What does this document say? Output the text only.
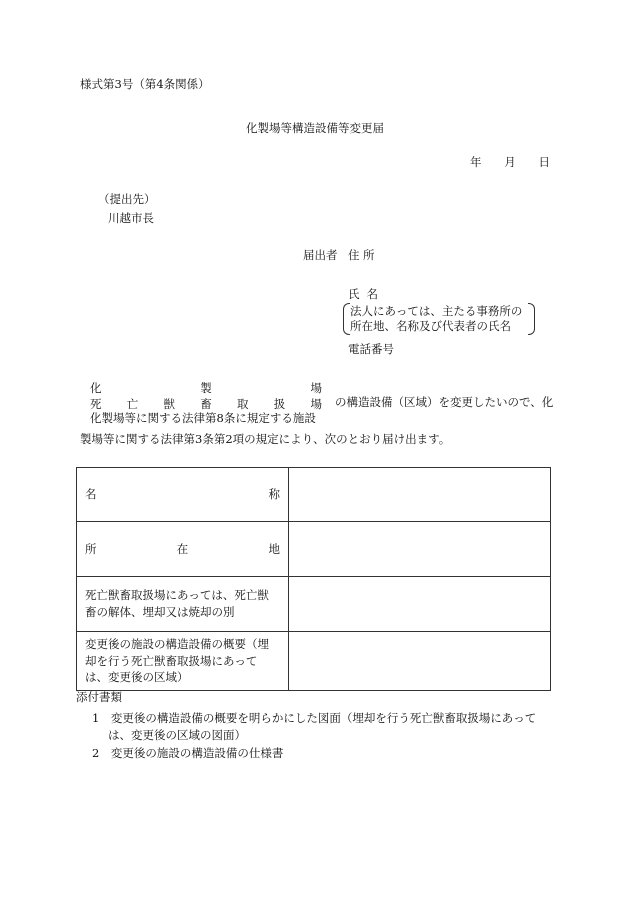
様式第3号（第4条関係）
化製場等構造設備等変更届
年 月 日
（提出先）
川越市長
届出者 住 所
氏 名
法人にあっては、主たる事務所の
所在地、名称及び代表者の氏名
電話番号
化	製	場
死 亡 獣 畜 取 扱 場 の構造設備（区域）を変更したいので、化
化製場等に関する法律第8条に規定する施設
製場等に関する法律第3条第2項の規定により、次のとおり届け出ます。
名 称	

所 在 地	

死亡獣畜取扱場にあっては、死亡獣畜の解体、埋却又は焼却の別	
変更後の施設の構造設備の概要（埋却を行う死亡獣畜取扱場にあっては、変更後の区域）	
添付書類
1　変更後の構造設備の概要を明らかにした図面（埋却を行う死亡獣畜取扱場にあって
は、変更後の区域の図面）
2　変更後の施設の構造設備の仕様書
